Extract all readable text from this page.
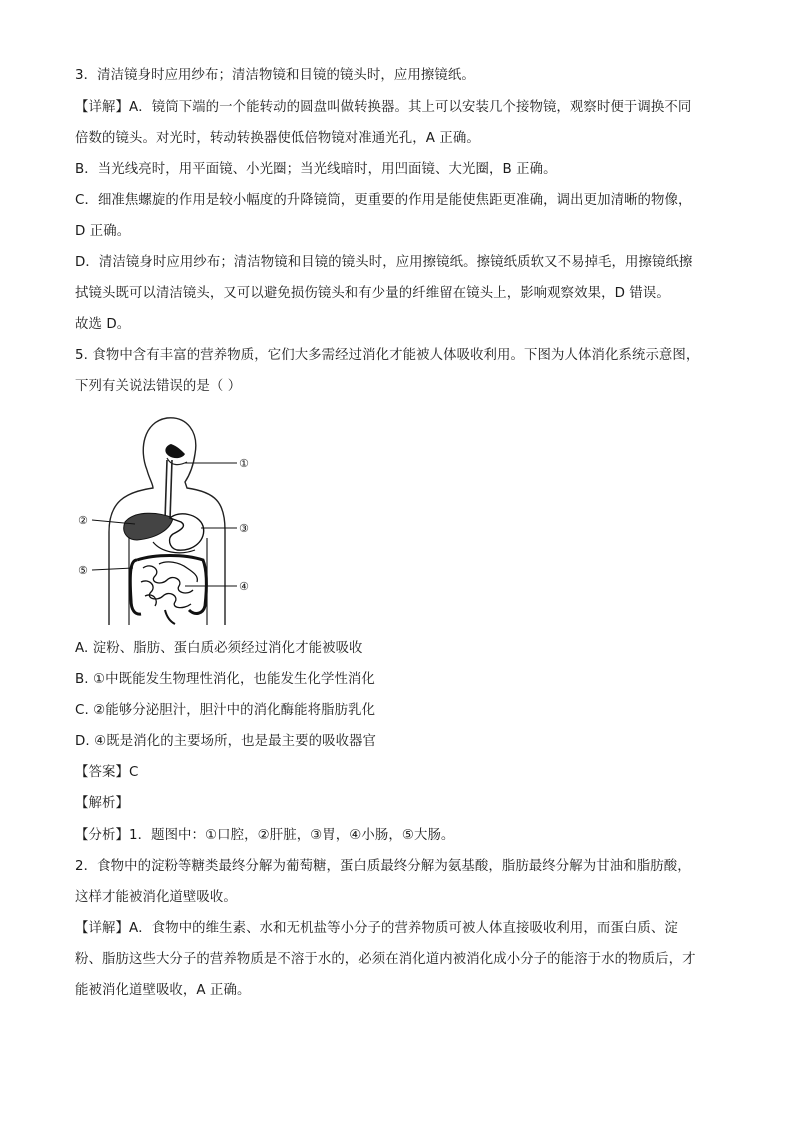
3．清洁镜身时应用纱布；清洁物镜和目镜的镜头时，应用擦镜纸。
【详解】A．镜筒下端的一个能转动的圆盘叫做转换器。其上可以安装几个接物镜，观察时便于调换不同
倍数的镜头。对光时，转动转换器使低倍物镜对准通光孔，A 正确。
B．当光线亮时，用平面镜、小光圈；当光线暗时，用凹面镜、大光圈，B 正确。
C．细准焦螺旋的作用是较小幅度的升降镜筒，更重要的作用是能使焦距更准确，调出更加清晰的物像，
D 正确。
D．清洁镜身时应用纱布；清洁物镜和目镜的镜头时，应用擦镜纸。擦镜纸质软又不易掉毛，用擦镜纸擦
拭镜头既可以清洁镜头，又可以避免损伤镜头和有少量的纤维留在镜头上，影响观察效果，D 错误。
故选 D。
5. 食物中含有丰富的营养物质，它们大多需经过消化才能被人体吸收利用。下图为人体消化系统示意图，
下列有关说法错误的是（ ）
①
②
③
⑤
④
A. 淀粉、脂肪、蛋白质必须经过消化才能被吸收
B. ①中既能发生物理性消化，也能发生化学性消化
C. ②能够分泌胆汁，胆汁中的消化酶能将脂肪乳化
D. ④既是消化的主要场所，也是最主要的吸收器官
【答案】C
【解析】
【分析】1．题图中：①口腔，②肝脏，③胃，④小肠，⑤大肠。
2．食物中的淀粉等糖类最终分解为葡萄糖，蛋白质最终分解为氨基酸，脂肪最终分解为甘油和脂肪酸，
这样才能被消化道壁吸收。
【详解】A．食物中的维生素、水和无机盐等小分子的营养物质可被人体直接吸收利用，而蛋白质、淀
粉、脂肪这些大分子的营养物质是不溶于水的，必须在消化道内被消化成小分子的能溶于水的物质后，才
能被消化道壁吸收，A 正确。
